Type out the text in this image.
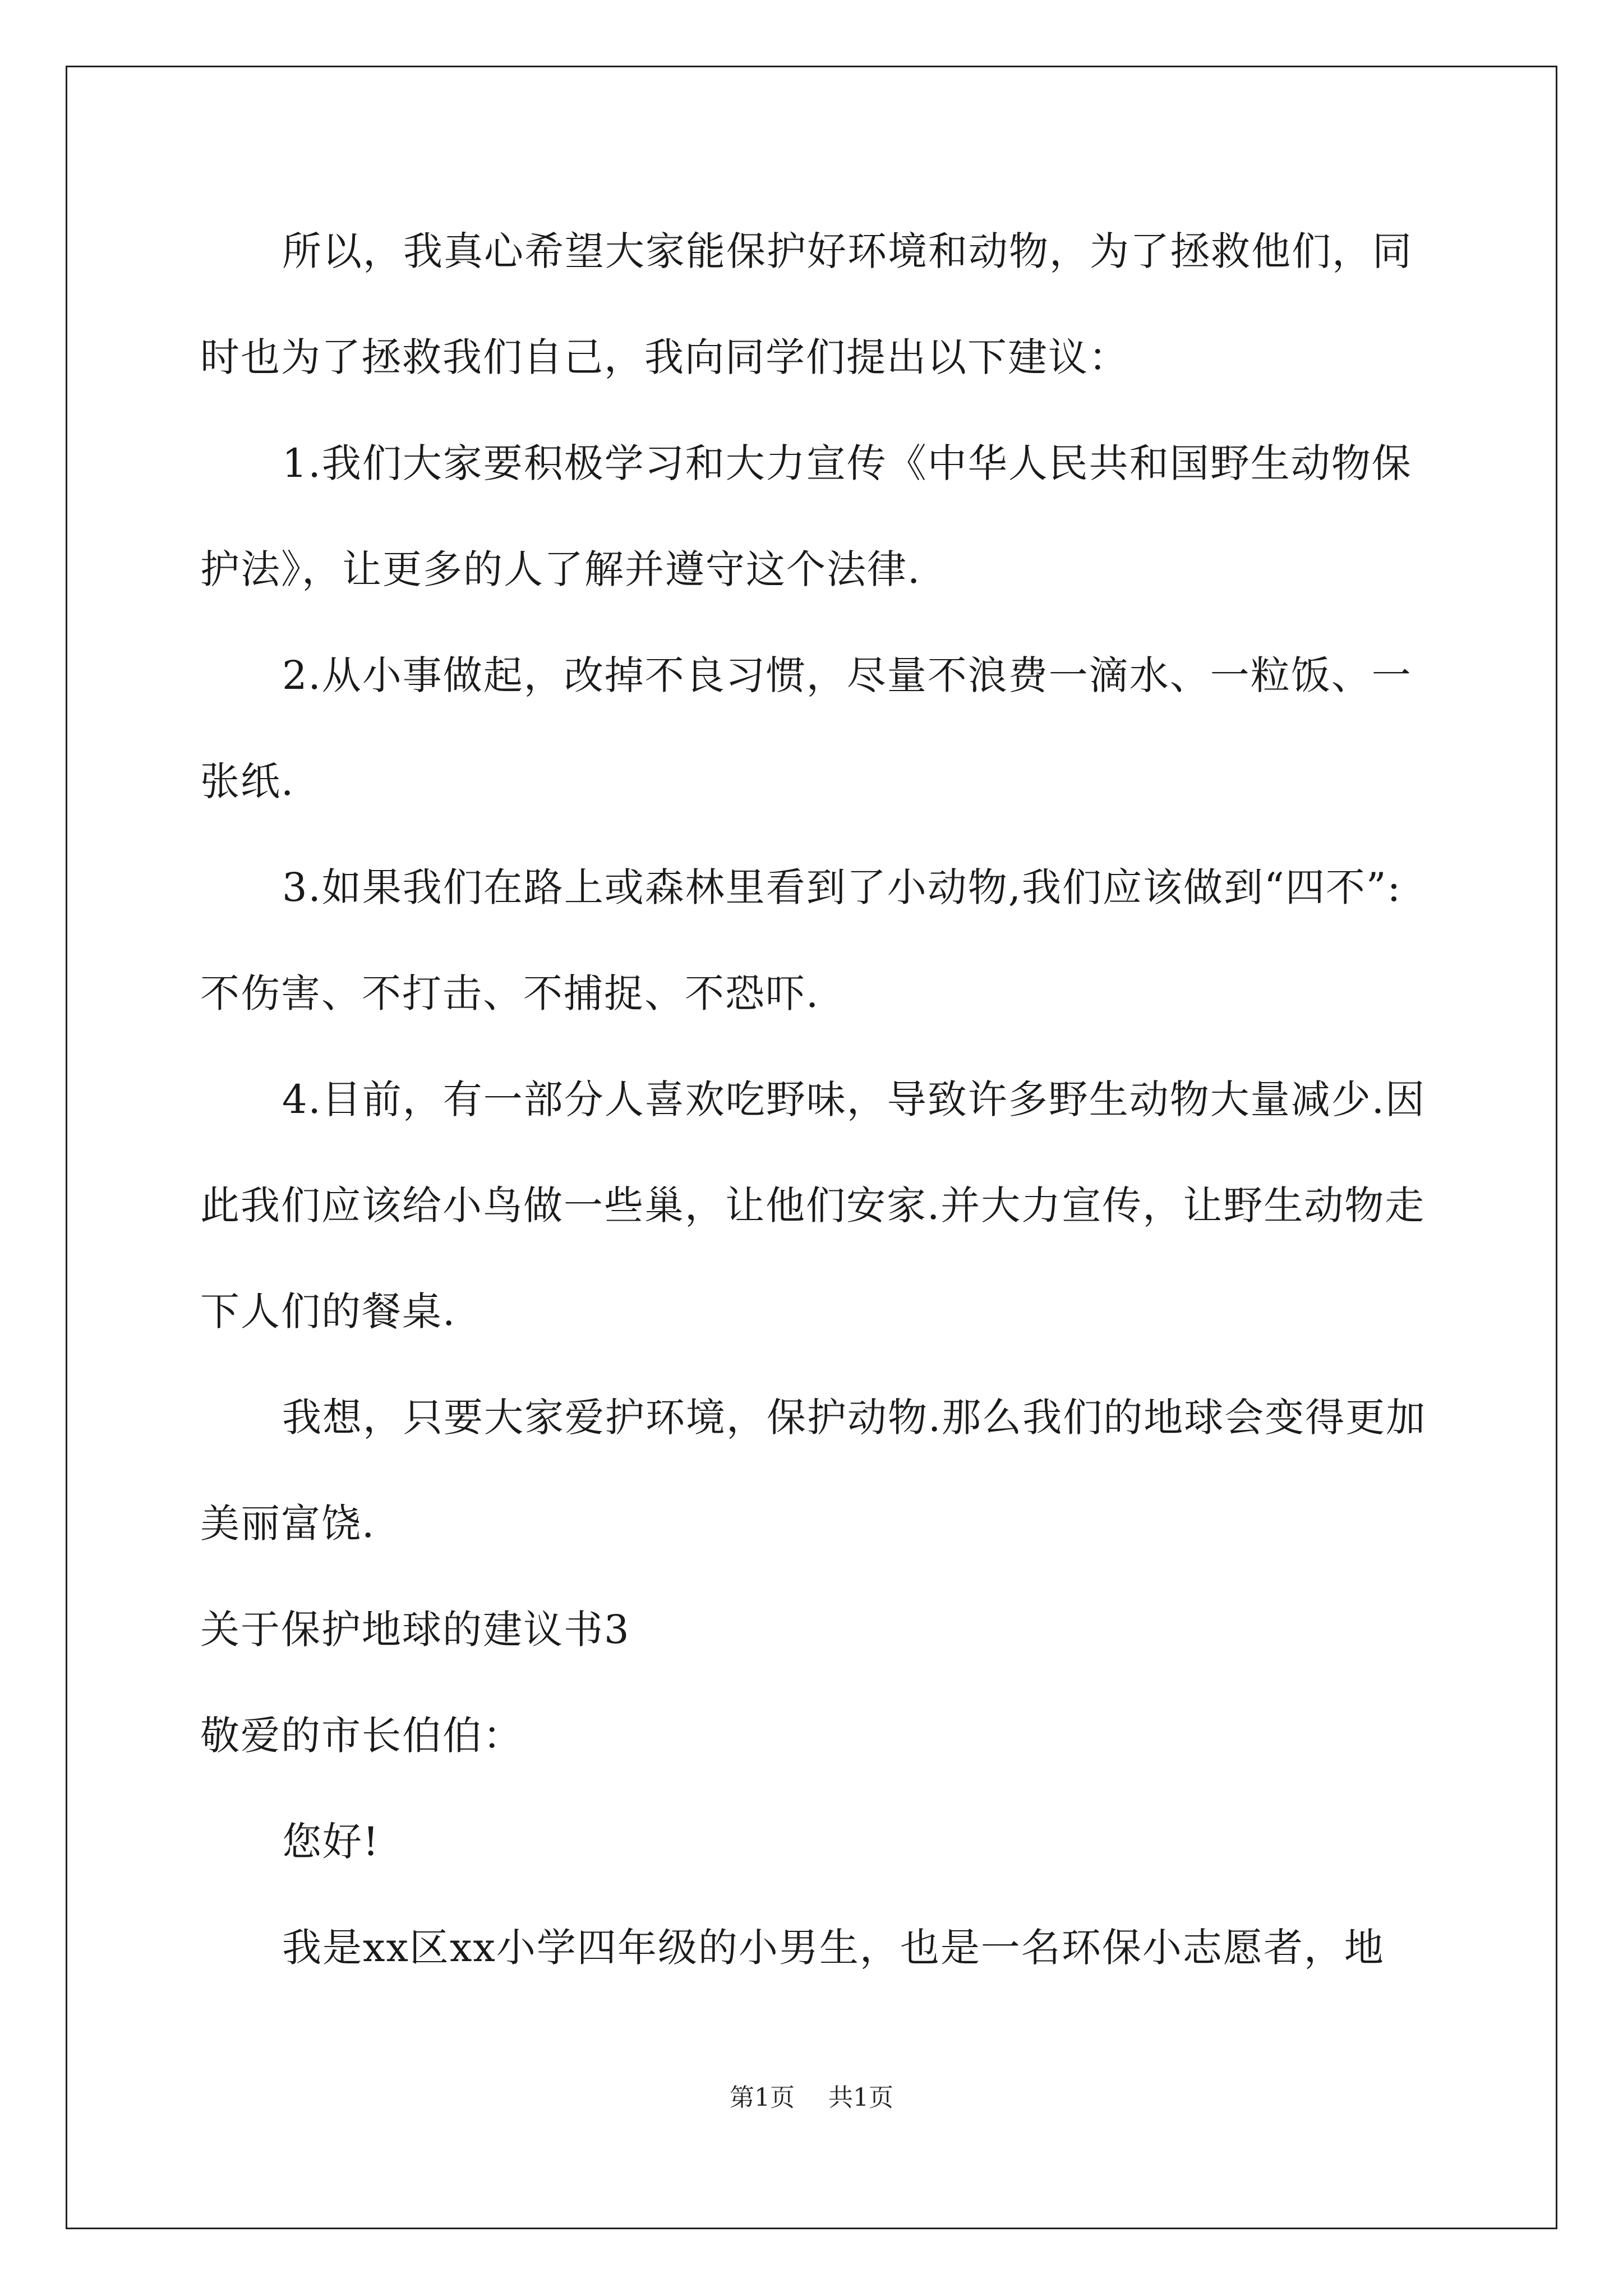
所以，我真心希望大家能保护好环境和动物，为了拯救他们，同
时也为了拯救我们自己，我向同学们提出以下建议：
1.我们大家要积极学习和大力宣传《中华人民共和国野生动物保
护法》，让更多的人了解并遵守这个法律.
2.从小事做起，改掉不良习惯，尽量不浪费一滴水、一粒饭、一
张纸.
3.如果我们在路上或森林里看到了小动物,我们应该做到“四不”:
不伤害、不打击、不捕捉、不恐吓.
4.目前，有一部分人喜欢吃野味，导致许多野生动物大量减少.因
此我们应该给小鸟做一些巢，让他们安家.并大力宣传，让野生动物走
下人们的餐桌.
我想，只要大家爱护环境，保护动物.那么我们的地球会变得更加
美丽富饶.
关于保护地球的建议书3
敬爱的市长伯伯：
您好!
我是xx区xx小学四年级的小男生，也是一名环保小志愿者，地
第1页 共1页
